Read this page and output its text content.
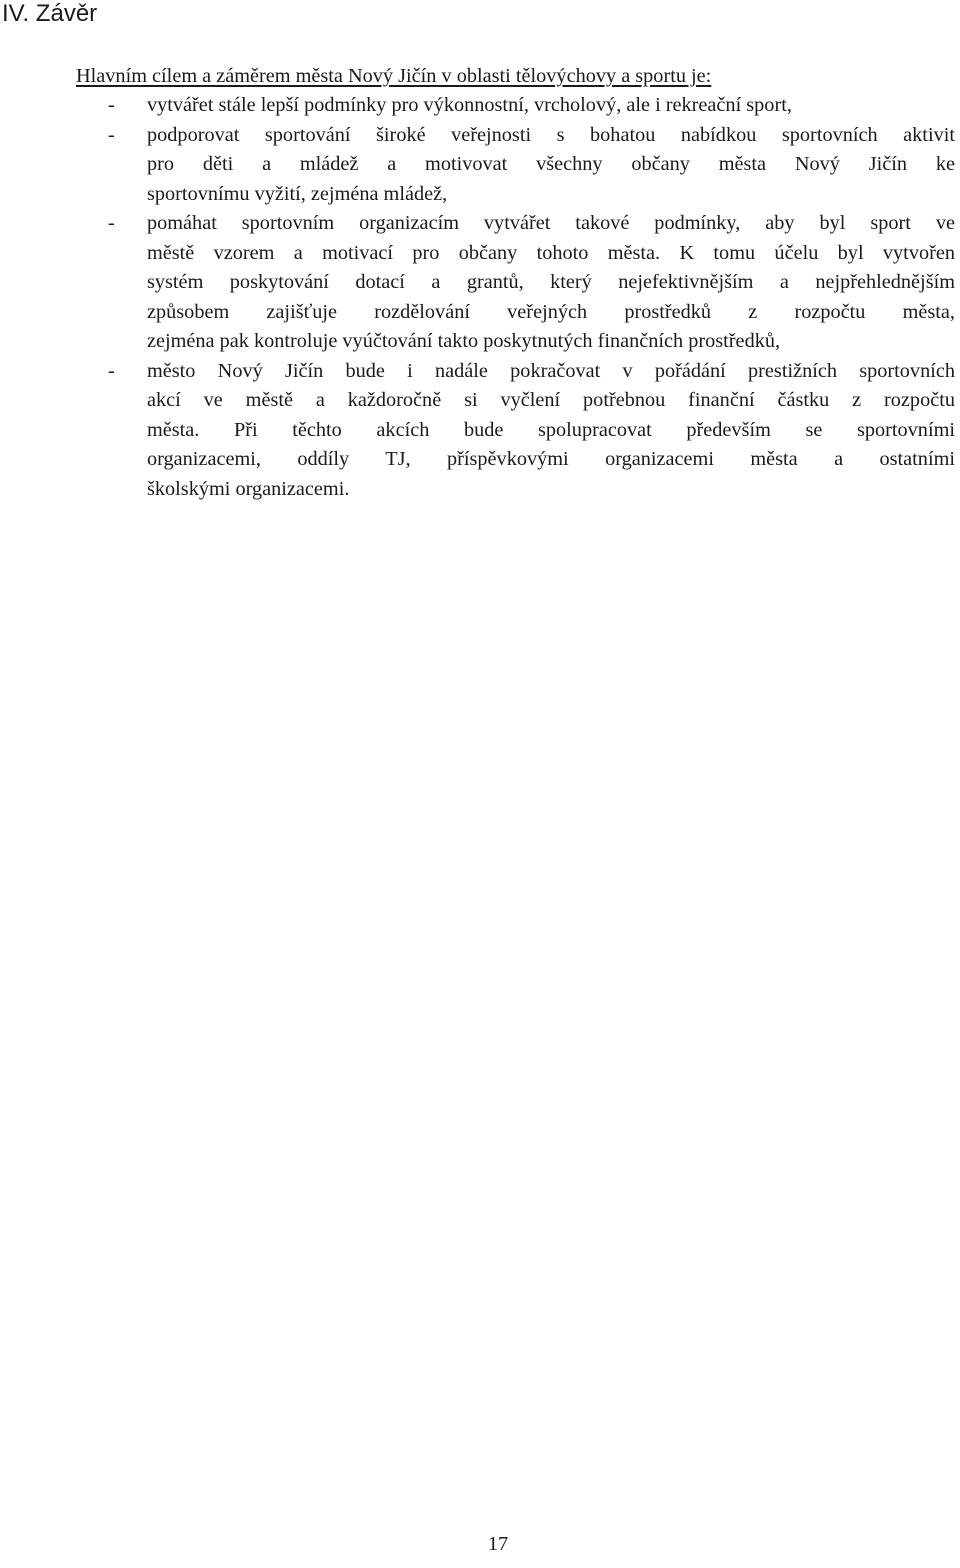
IV. Závěr
Hlavním cílem a záměrem města Nový Jičín v oblasti tělovýchovy a sportu je:
- vytvářet stále lepší podmínky pro výkonnostní, vrcholový, ale i rekreační sport,
- podporovat sportování široké veřejnosti s bohatou nabídkou sportovních aktivit
pro děti a mládež a motivovat všechny občany města Nový Jičín ke
sportovnímu vyžití, zejména mládež,
- pomáhat sportovním organizacím vytvářet takové podmínky, aby byl sport ve
městě vzorem a motivací pro občany tohoto města. K tomu účelu byl vytvořen
systém poskytování dotací a grantů, který nejefektivnějším a nejpřehlednějším
způsobem zajišťuje rozdělování veřejných prostředků z rozpočtu města,
zejména pak kontroluje vyúčtování takto poskytnutých finančních prostředků,
- město Nový Jičín bude i nadále pokračovat v pořádání prestižních sportovních
akcí ve městě a každoročně si vyčlení potřebnou finanční částku z rozpočtu
města. Při těchto akcích bude spolupracovat především se sportovními
organizacemi, oddíly TJ, příspěvkovými organizacemi města a ostatními
školskými organizacemi.
17
